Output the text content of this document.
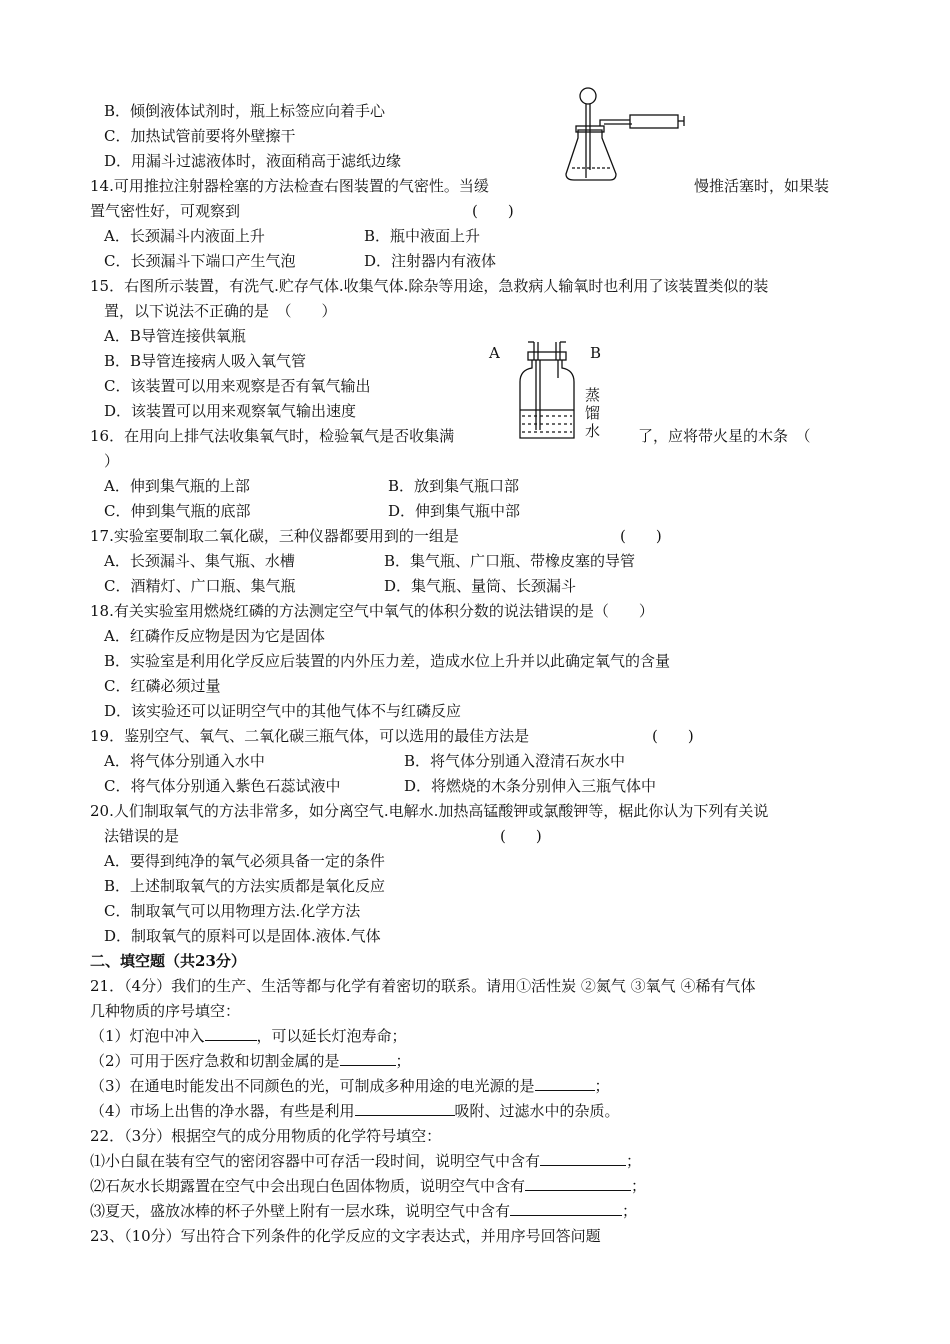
B．倾倒液体试剂时，瓶上标签应向着手心
C．加热试管前要将外壁擦干
D．用漏斗过滤液体时，液面稍高于滤纸边缘
14.可用推拉注射器栓塞的方法检查右图装置的气密性。当缓	慢推活塞时，如果装
置气密性好，可观察到	(　　)
A．长颈漏斗内液面上升	B．瓶中液面上升
C．长颈漏斗下端口产生气泡	D．注射器内有液体
15．右图所示装置，有洗气.贮存气体.收集气体.除杂等用途，急救病人输氧时也利用了该装置类似的装
置，以下说法不正确的是　（　　）
A．B导管连接供氧瓶
B．B导管连接病人吸入氧气管
C．该装置可以用来观察是否有氧气输出
D．该装置可以用来观察氧气输出速度
A	B
蒸馏水
16．在用向上排气法收集氧气时，检验氧气是否收集满	了，应将带火星的木条　（
）
A．伸到集气瓶的上部	B．放到集气瓶口部
C．伸到集气瓶的底部	D．伸到集气瓶中部
17.实验室要制取二氧化碳，三种仪器都要用到的一组是	(　　)
A．长颈漏斗、集气瓶、水槽	B．集气瓶、广口瓶、带橡皮塞的导管
C．酒精灯、广口瓶、集气瓶	D．集气瓶、量筒、长颈漏斗
18.有关实验室用燃烧红磷的方法测定空气中氧气的体积分数的说法错误的是（　　）
A．红磷作反应物是因为它是固体
B．实验室是利用化学反应后装置的内外压力差，造成水位上升并以此确定氧气的含量
C．红磷必须过量
D．该实验还可以证明空气中的其他气体不与红磷反应
19．鉴别空气、氧气、二氧化碳三瓶气体，可以选用的最佳方法是	(　　)
A．将气体分别通入水中	B．将气体分别通入澄清石灰水中
C．将气体分别通入紫色石蕊试液中	D．将燃烧的木条分别伸入三瓶气体中
20.人们制取氧气的方法非常多，如分离空气.电解水.加热高锰酸钾或氯酸钾等，椐此你认为下列有关说
法错误的是	(　　)
A．要得到纯净的氧气必须具备一定的条件
B．上述制取氧气的方法实质都是氧化反应
C．制取氧气可以用物理方法.化学方法
D．制取氧气的原料可以是固体.液体.气体
二、填空题（共23分）
21．（4分）我们的生产、生活等都与化学有着密切的联系。请用①活性炭 ②氮气 ③氧气 ④稀有气体
几种物质的序号填空：
（1）灯泡中冲入	，可以延长灯泡寿命；
（2）可用于医疗急救和切割金属的是	；
（3）在通电时能发出不同颜色的光，可制成多种用途的电光源的是	；
（4）市场上出售的净水器，有些是利用	吸附、过滤水中的杂质。
22．（3分）根据空气的成分用物质的化学符号填空：
⑴小白鼠在装有空气的密闭容器中可存活一段时间，说明空气中含有	；
⑵石灰水长期露置在空气中会出现白色固体物质，说明空气中含有	；
⑶夏天，盛放冰棒的杯子外壁上附有一层水珠，说明空气中含有	；
23、（10分）写出符合下列条件的化学反应的文字表达式，并用序号回答问题
